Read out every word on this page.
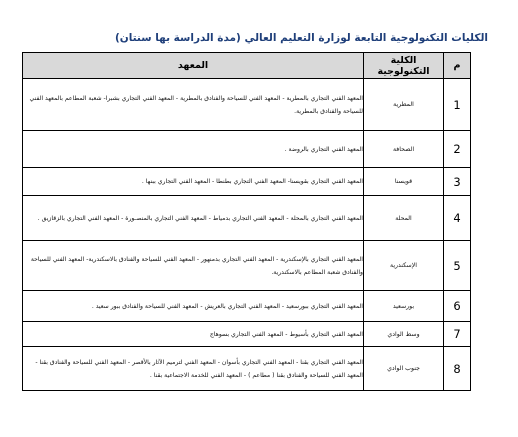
الكليات التكنولوجية التابعة لوزارة التعليم العالي (مدة الدراسة بها سنتان)
م	الكلية التكنولوجية	المعهد
1	المطرية	المعهد الفني التجاري بالمطرية - المعهد الفني للسياحة والفنادق بالمطرية - المعهد الفني التجاري بشبرا- شعبة المطاعم بالمعهد الفني للسياحة والفنادق بالمطرية.
2	الصحافة	المعهد الفني التجاري بالروضة .
3	قويسنا	المعهد الفني التجاري بقويسنا- المعهد الفني التجاري بطنطا - المعهد الفني التجاري ببنها .
4	المحلة	المعهد الفني التجاري بالمحلة - المعهد الفني التجاري بدمياط - المعهد الفني التجاري بالمنصـورة - المعهد الفني التجاري بالزقازيق .
5	الإسكندرية	المعهد الفني التجاري بالإسكندرية - المعهد الفني التجاري بدمنهور - المعهد الفني للسياحة والفنادق بالاسكندرية- المعهد الفني للسياحة والفنادق شعبة المطاعم بالاسكندرية.
6	بورسعيد	المعهد الفني التجاري ببورسعيد - المعهد الفني التجاري بالعريش - المعهد الفني للسياحة والفنادق ببور سعيد .
7	وسط الوادي	المعهد الفني التجاري بأسيوط - المعهد الفني التجاري بسوهاج
8	جنوب الوادي	المعهد الفني التجاري بقنا - المعهد الفني التجاري بأسوان - المعهد الفني لترميم الآثار بالأقصر - المعهد الفني للسياحة والفنادق بقنا - المعهد الفني للسياحة والفنادق بقنا ( مطاعم ) - المعهد الفني للخدمة الاجتماعية بقنا .
